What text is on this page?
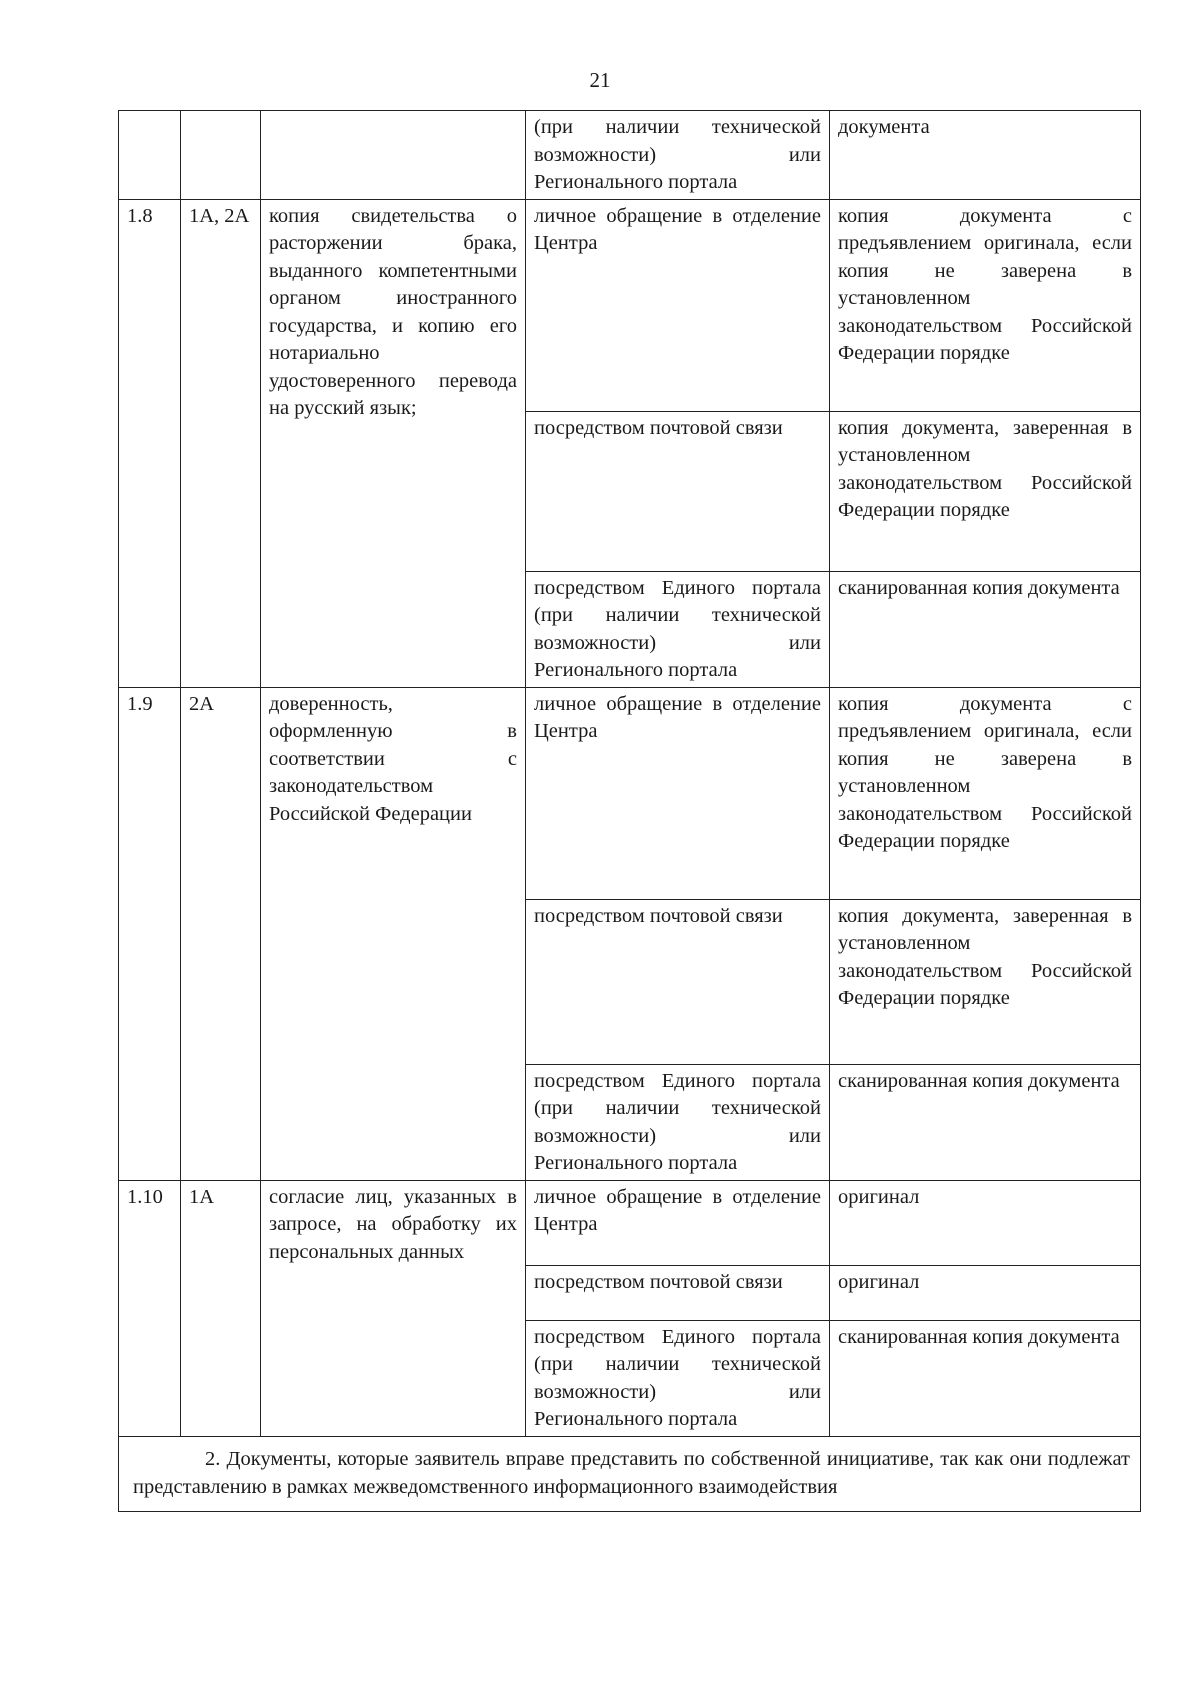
21
			(при наличии технической возможности) или Регионального портала	документа
1.8	1А, 2А	копия свидетельства о расторжении брака, выданного компетентными органом иностранного государства, и копию его нотариально удостоверенного перевода на русский язык;	личное обращение в отделение Центра	копия документа с предъявлением оригинала, если копия не заверена в установленном законодательством Российской Федерации порядке
			посредством почтовой связи	копия документа, заверенная в установленном законодательством Российской Федерации порядке
			посредством Единого портала (при наличии технической возможности) или Регионального портала	сканированная копия документа
1.9	2А	доверенность, оформленную в соответствии с законодательством Российской Федерации	личное обращение в отделение Центра	копия документа с предъявлением оригинала, если копия не заверена в установленном законодательством Российской Федерации порядке
			посредством почтовой связи	копия документа, заверенная в установленном законодательством Российской Федерации порядке
			посредством Единого портала (при наличии технической возможности) или Регионального портала	сканированная копия документа
1.10	1А	согласие лиц, указанных в запросе, на обработку их персональных данных	личное обращение в отделение Центра	оригинал
			посредством почтовой связи	оригинал
			посредством Единого портала (при наличии технической возможности) или Регионального портала	сканированная копия документа
2. Документы, которые заявитель вправе представить по собственной инициативе, так как они подлежат представлению в рамках межведомственного информационного взаимодействия				
